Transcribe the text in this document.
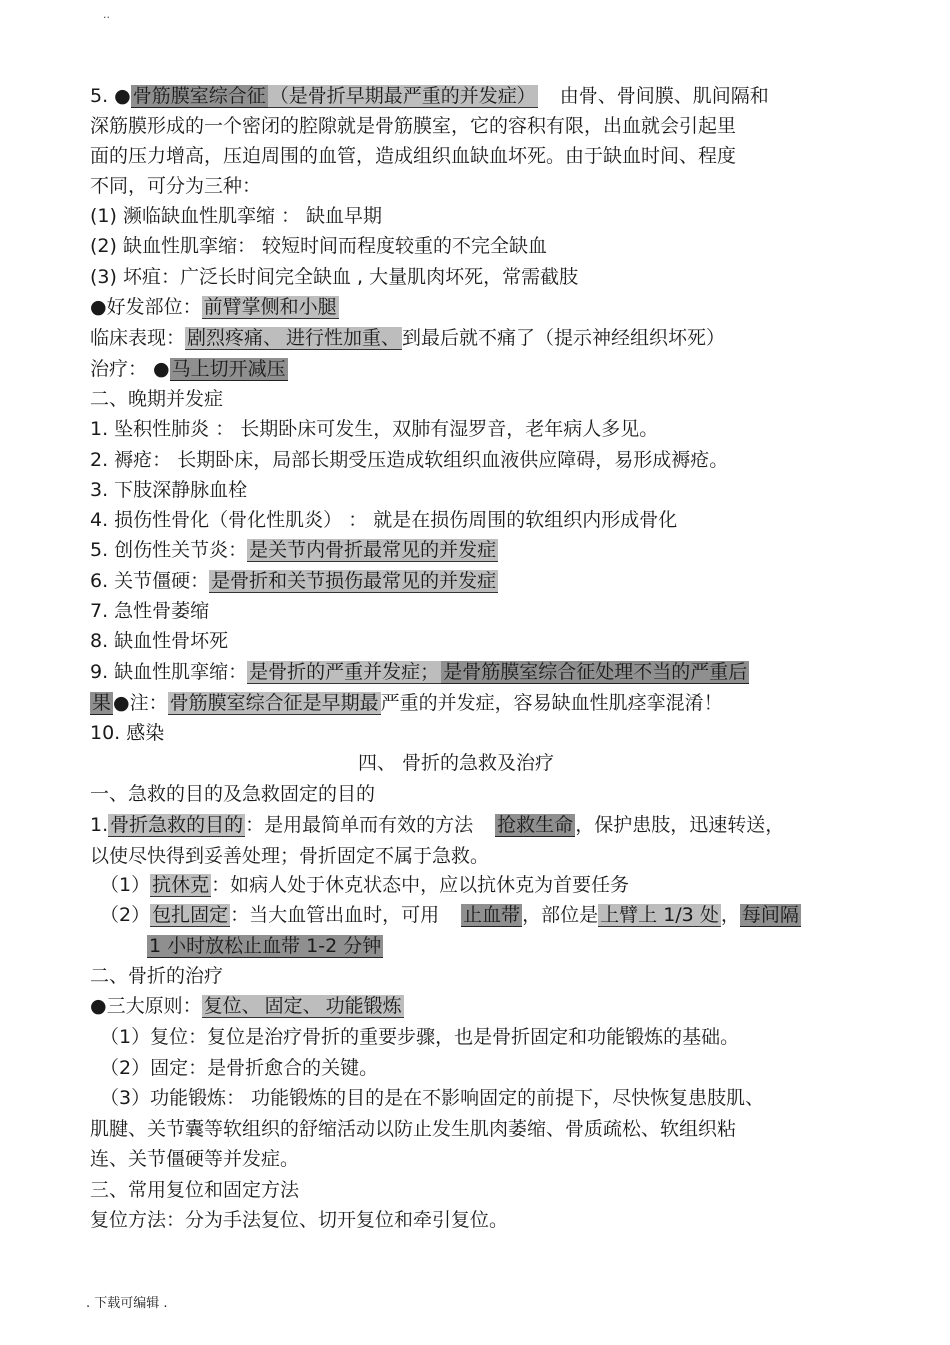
..
5. ● 骨筋膜室综合征 （是骨折早期最严重的并发症） 由骨、骨间膜、肌间隔和
深筋膜形成的一个密闭的腔隙就是骨筋膜室，它的容积有限，出血就会引起里
面的压力增高，压迫周围的血管，造成组织血缺血坏死。由于缺血时间、程度
不同，可分为三种：
(1) 濒临缺血性肌挛缩 ： 缺血早期
(2) 缺血性肌挛缩： 较短时间而程度较重的不完全缺血
(3) 坏疽：广泛长时间完全缺血 , 大量肌肉坏死，常需截肢
●好发部位： 前臂掌侧和小腿
临床表现： 剧烈疼痛、 进行性加重、 到最后就不痛了（提示神经组织坏死）
治疗： ● 马上切开减压
二、晚期并发症
1. 坠积性肺炎 ： 长期卧床可发生，双肺有湿罗音，老年病人多见。
2. 褥疮： 长期卧床，局部长期受压造成软组织血液供应障碍，易形成褥疮。
3. 下肢深静脉血栓
4. 损伤性骨化（骨化性肌炎） ： 就是在损伤周围的软组织内形成骨化
5. 创伤性关节炎： 是关节内骨折最常见的并发症
6. 关节僵硬： 是骨折和关节损伤最常见的并发症
7. 急性骨萎缩
8. 缺血性骨坏死
9. 缺血性肌挛缩： 是骨折的严重并发症； 是骨筋膜室综合征处理不当的严重后
果 ●注： 骨筋膜室综合征是早期最 严重的并发症，容易缺血性肌痉挛混淆！
10. 感染
四、 骨折的急救及治疗
一、急救的目的及急救固定的目的
1. 骨折急救的目的 ：是用最简单而有效的方法 抢救生命 ，保护患肢，迅速转送，
以使尽快得到妥善处理；骨折固定不属于急救。
（1） 抗休克 ：如病人处于休克状态中，应以抗休克为首要任务
（2） 包扎固定 ：当大血管出血时，可用 止血带 ，部位是 上臂上 1/3 处 ， 每间隔
1 小时放松止血带 1-2 分钟
二、骨折的治疗
●三大原则： 复位、 固定、 功能锻炼
（1）复位：复位是治疗骨折的重要步骤，也是骨折固定和功能锻炼的基础。
（2）固定：是骨折愈合的关键。
（3）功能锻炼： 功能锻炼的目的是在不影响固定的前提下，尽快恢复患肢肌、
肌腱、关节囊等软组织的舒缩活动以防止发生肌肉萎缩、骨质疏松、软组织粘
连、关节僵硬等并发症。
三、常用复位和固定方法
复位方法：分为手法复位、切开复位和牵引复位。
. 下载可编辑 .
